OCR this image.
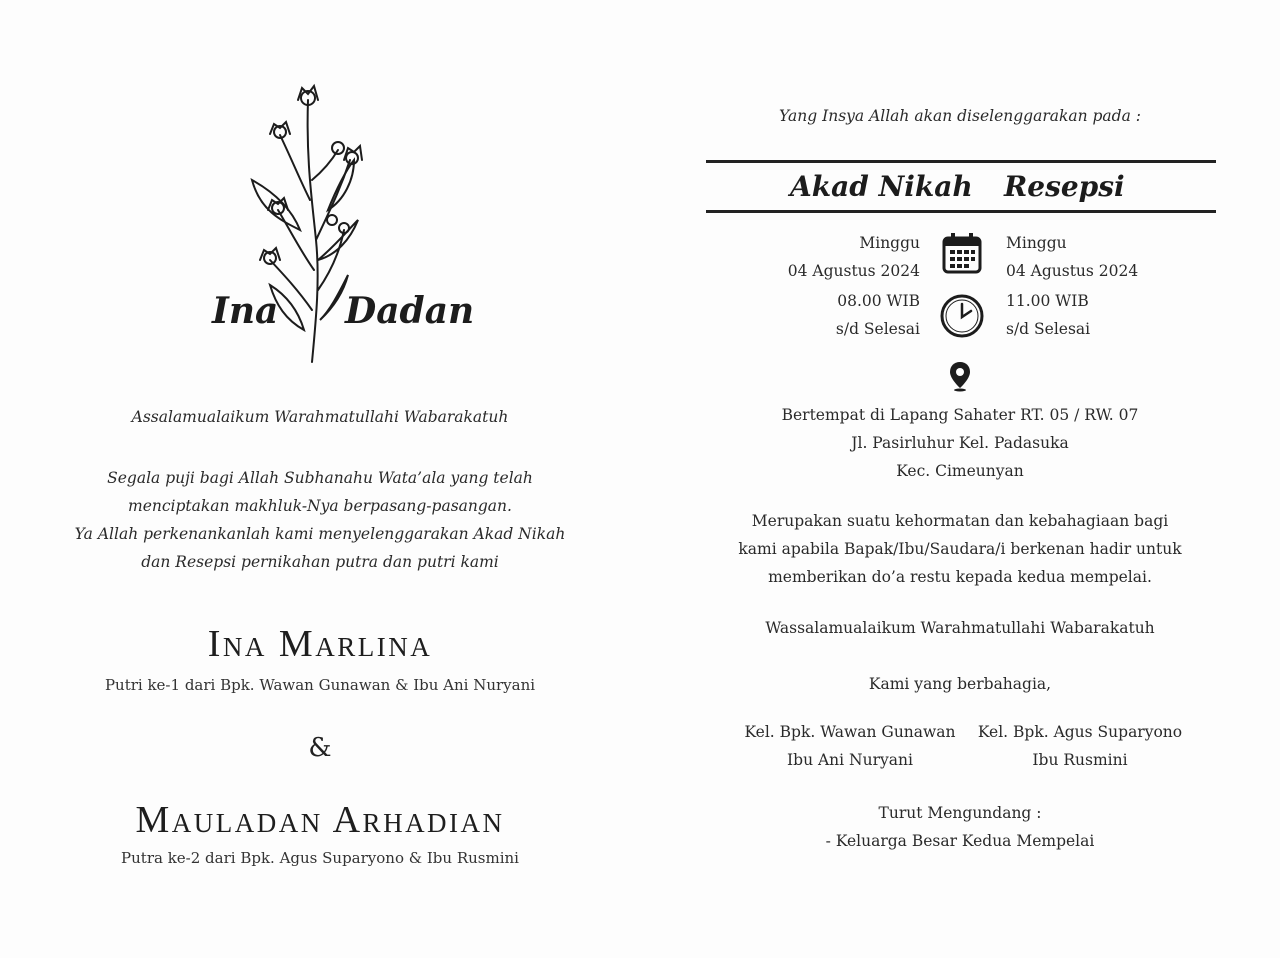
Ina Dadan
Assalamualaikum Warahmatullahi Wabarakatuh
Segala puji bagi Allah Subhanahu Wata’ala yang telah
menciptakan makhluk-Nya berpasang-pasangan.
Ya Allah perkenankanlah kami menyelenggarakan Akad Nikah
dan Resepsi pernikahan putra dan putri kami
Ina Marlina
Putri ke-1 dari Bpk. Wawan Gunawan & Ibu Ani Nuryani
&
Mauladan Arhadian
Putra ke-2 dari Bpk. Agus Suparyono & Ibu Rusmini
Yang Insya Allah akan diselenggarakan pada :
Akad Nikah Resepsi
Minggu
04 Agustus 2024
08.00 WIB
s/d Selesai
Minggu
04 Agustus 2024
11.00 WIB
s/d Selesai
Bertempat di Lapang Sahater RT. 05 / RW. 07
Jl. Pasirluhur Kel. Padasuka
Kec. Cimeunyan
Merupakan suatu kehormatan dan kebahagiaan bagi
kami apabila Bapak/Ibu/Saudara/i berkenan hadir untuk
memberikan do’a restu kepada kedua mempelai.
Wassalamualaikum Warahmatullahi Wabarakatuh
Kami yang berbahagia,
Kel. Bpk. Wawan Gunawan
Ibu Ani Nuryani
Kel. Bpk. Agus Suparyono
Ibu Rusmini
Turut Mengundang :
- Keluarga Besar Kedua Mempelai
